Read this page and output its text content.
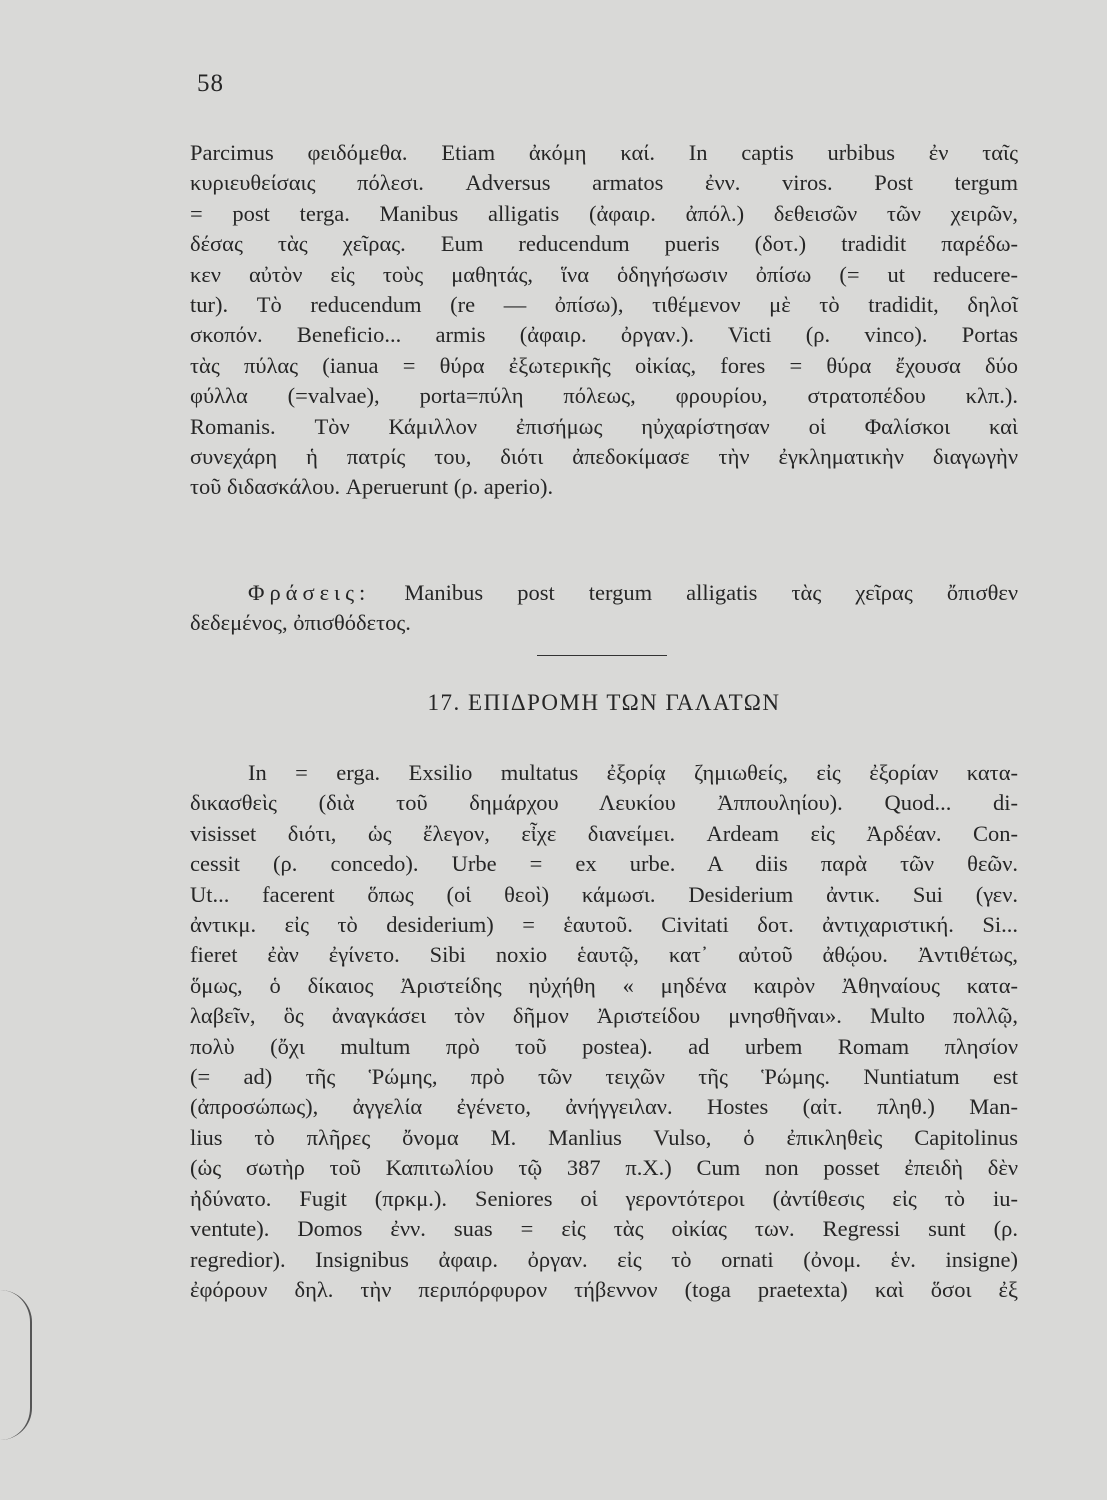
58
Parcimus φειδόμεθα. Etiam ἀκόμη καί. In captis urbibus ἐν ταῖς
κυριευθείσαις πόλεσι. Adversus armatos ἐνν. viros. Post tergum
= post terga. Manibus alligatis (ἀφαιρ. ἀπόλ.) δεθεισῶν τῶν χειρῶν,
δέσας τὰς χεῖρας. Eum reducendum pueris (δοτ.) tradidit παρέδω-
κεν αὐτὸν εἰς τοὺς μαθητάς, ἵνα ὁδηγήσωσιν ὀπίσω (= ut reducere-
tur). Τὸ reducendum (re — ὀπίσω), τιθέμενον μὲ τὸ tradidit, δηλοῖ
σκοπόν. Beneficio... armis (ἀφαιρ. ὀργαν.). Victi (ρ. vinco). Portas
τὰς πύλας (ianua = θύρα ἐξωτερικῆς οἰκίας, fores = θύρα ἔχουσα δύο
φύλλα (=valvae), porta=πύλη πόλεως, φρουρίου, στρατοπέδου κλπ.).
Romanis. Τὸν Κάμιλλον ἐπισήμως ηὐχαρίστησαν οἱ Φαλίσκοι καὶ
συνεχάρη ἡ πατρίς του, διότι ἀπεδοκίμασε τὴν ἐγκληματικὴν διαγωγὴν
τοῦ διδασκάλου. Aperuerunt (ρ. aperio).
Φράσεις: Manibus post tergum alligatis τὰς χεῖρας ὄπισθεν
δεδεμένος, ὀπισθόδετος.
17. ΕΠΙΔΡΟΜΗ ΤΩΝ ΓΑΛΑΤΩΝ
In = erga. Exsilio multatus ἐξορίᾳ ζημιωθείς, εἰς ἐξορίαν κατα-
δικασθεὶς (διὰ τοῦ δημάρχου Λευκίου Ἀππουληίου). Quod... di-
visisset διότι, ὡς ἔλεγον, εἶχε διανείμει. Ardeam εἰς Ἀρδέαν. Con-
cessit (ρ. concedo). Urbe = ex urbe. A diis παρὰ τῶν θεῶν.
Ut... facerent ὅπως (οἱ θεοὶ) κάμωσι. Desiderium ἀντικ. Sui (γεν.
ἀντικμ. εἰς τὸ desiderium) = ἑαυτοῦ. Civitati δοτ. ἀντιχαριστική. Si...
fieret ἐὰν ἐγίνετο. Sibi noxio ἑαυτῷ, κατ᾽ αὐτοῦ ἀθῴου. Ἀντιθέτως,
ὅμως, ὁ δίκαιος Ἀριστείδης ηὐχήθη « μηδένα καιρὸν Ἀθηναίους κατα-
λαβεῖν, ὃς ἀναγκάσει τὸν δῆμον Ἀριστείδου μνησθῆναι». Multo πολλῷ,
πολὺ (ὄχι multum πρὸ τοῦ postea). ad urbem Romam πλησίον
(= ad) τῆς Ῥώμης, πρὸ τῶν τειχῶν τῆς Ῥώμης. Nuntiatum est
(ἀπροσώπως), ἀγγελία ἐγένετο, ἀνήγγειλαν. Hostes (αἰτ. πληθ.) Man-
lius τὸ πλῆρες ὄνομα M. Manlius Vulso, ὁ ἐπικληθεὶς Capitolinus
(ὡς σωτὴρ τοῦ Καπιτωλίου τῷ 387 π.Χ.) Cum non posset ἐπειδὴ δὲν
ἠδύνατο. Fugit (πρκμ.). Seniores οἱ γεροντότεροι (ἀντίθεσις εἰς τὸ iu-
ventute). Domos ἐνν. suas = εἰς τὰς οἰκίας των. Regressi sunt (ρ.
regredior). Insignibus ἀφαιρ. ὀργαν. εἰς τὸ ornati (ὀνομ. ἑν. insigne)
ἐφόρουν δηλ. τὴν περιπόρφυρον τήβεννον (toga praetexta) καὶ ὅσοι ἐξ
